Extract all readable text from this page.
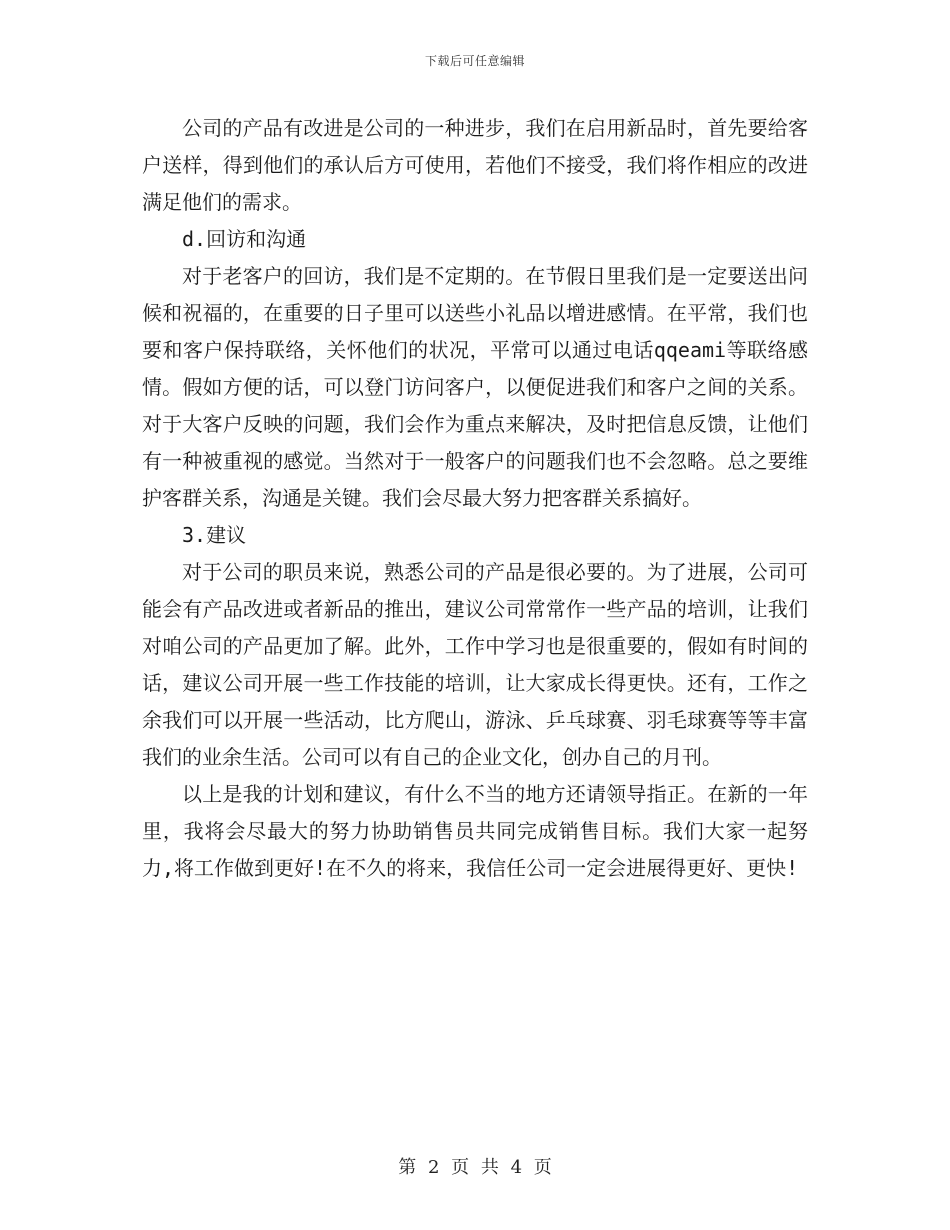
下载后可任意编辑

公司的产品有改进是公司的一种进步，我们在启用新品时，首先要给客户送样，得到他们的承认后方可使用，若他们不接受，我们将作相应的改进满足他们的需求。

d.回访和沟通

对于老客户的回访，我们是不定期的。在节假日里我们是一定要送出问候和祝福的，在重要的日子里可以送些小礼品以增进感情。在平常，我们也要和客户保持联络，关怀他们的状况，平常可以通过电话qqeami等联络感情。假如方便的话，可以登门访问客户，以便促进我们和客户之间的关系。对于大客户反映的问题，我们会作为重点来解决，及时把信息反馈，让他们有一种被重视的感觉。当然对于一般客户的问题我们也不会忽略。总之要维护客群关系，沟通是关键。我们会尽最大努力把客群关系搞好。

3.建议

对于公司的职员来说，熟悉公司的产品是很必要的。为了进展，公司可能会有产品改进或者新品的推出，建议公司常常作一些产品的培训，让我们对咱公司的产品更加了解。此外，工作中学习也是很重要的，假如有时间的话，建议公司开展一些工作技能的培训，让大家成长得更快。还有，工作之余我们可以开展一些活动，比方爬山，游泳、乒乓球赛、羽毛球赛等等丰富我们的业余生活。公司可以有自己的企业文化，创办自己的月刊。

以上是我的计划和建议，有什么不当的地方还请领导指正。在新的一年里，我将会尽最大的努力协助销售员共同完成销售目标。我们大家一起努力,将工作做到更好!在不久的将来，我信任公司一定会进展得更好、更快!

第 2 页 共 4 页
